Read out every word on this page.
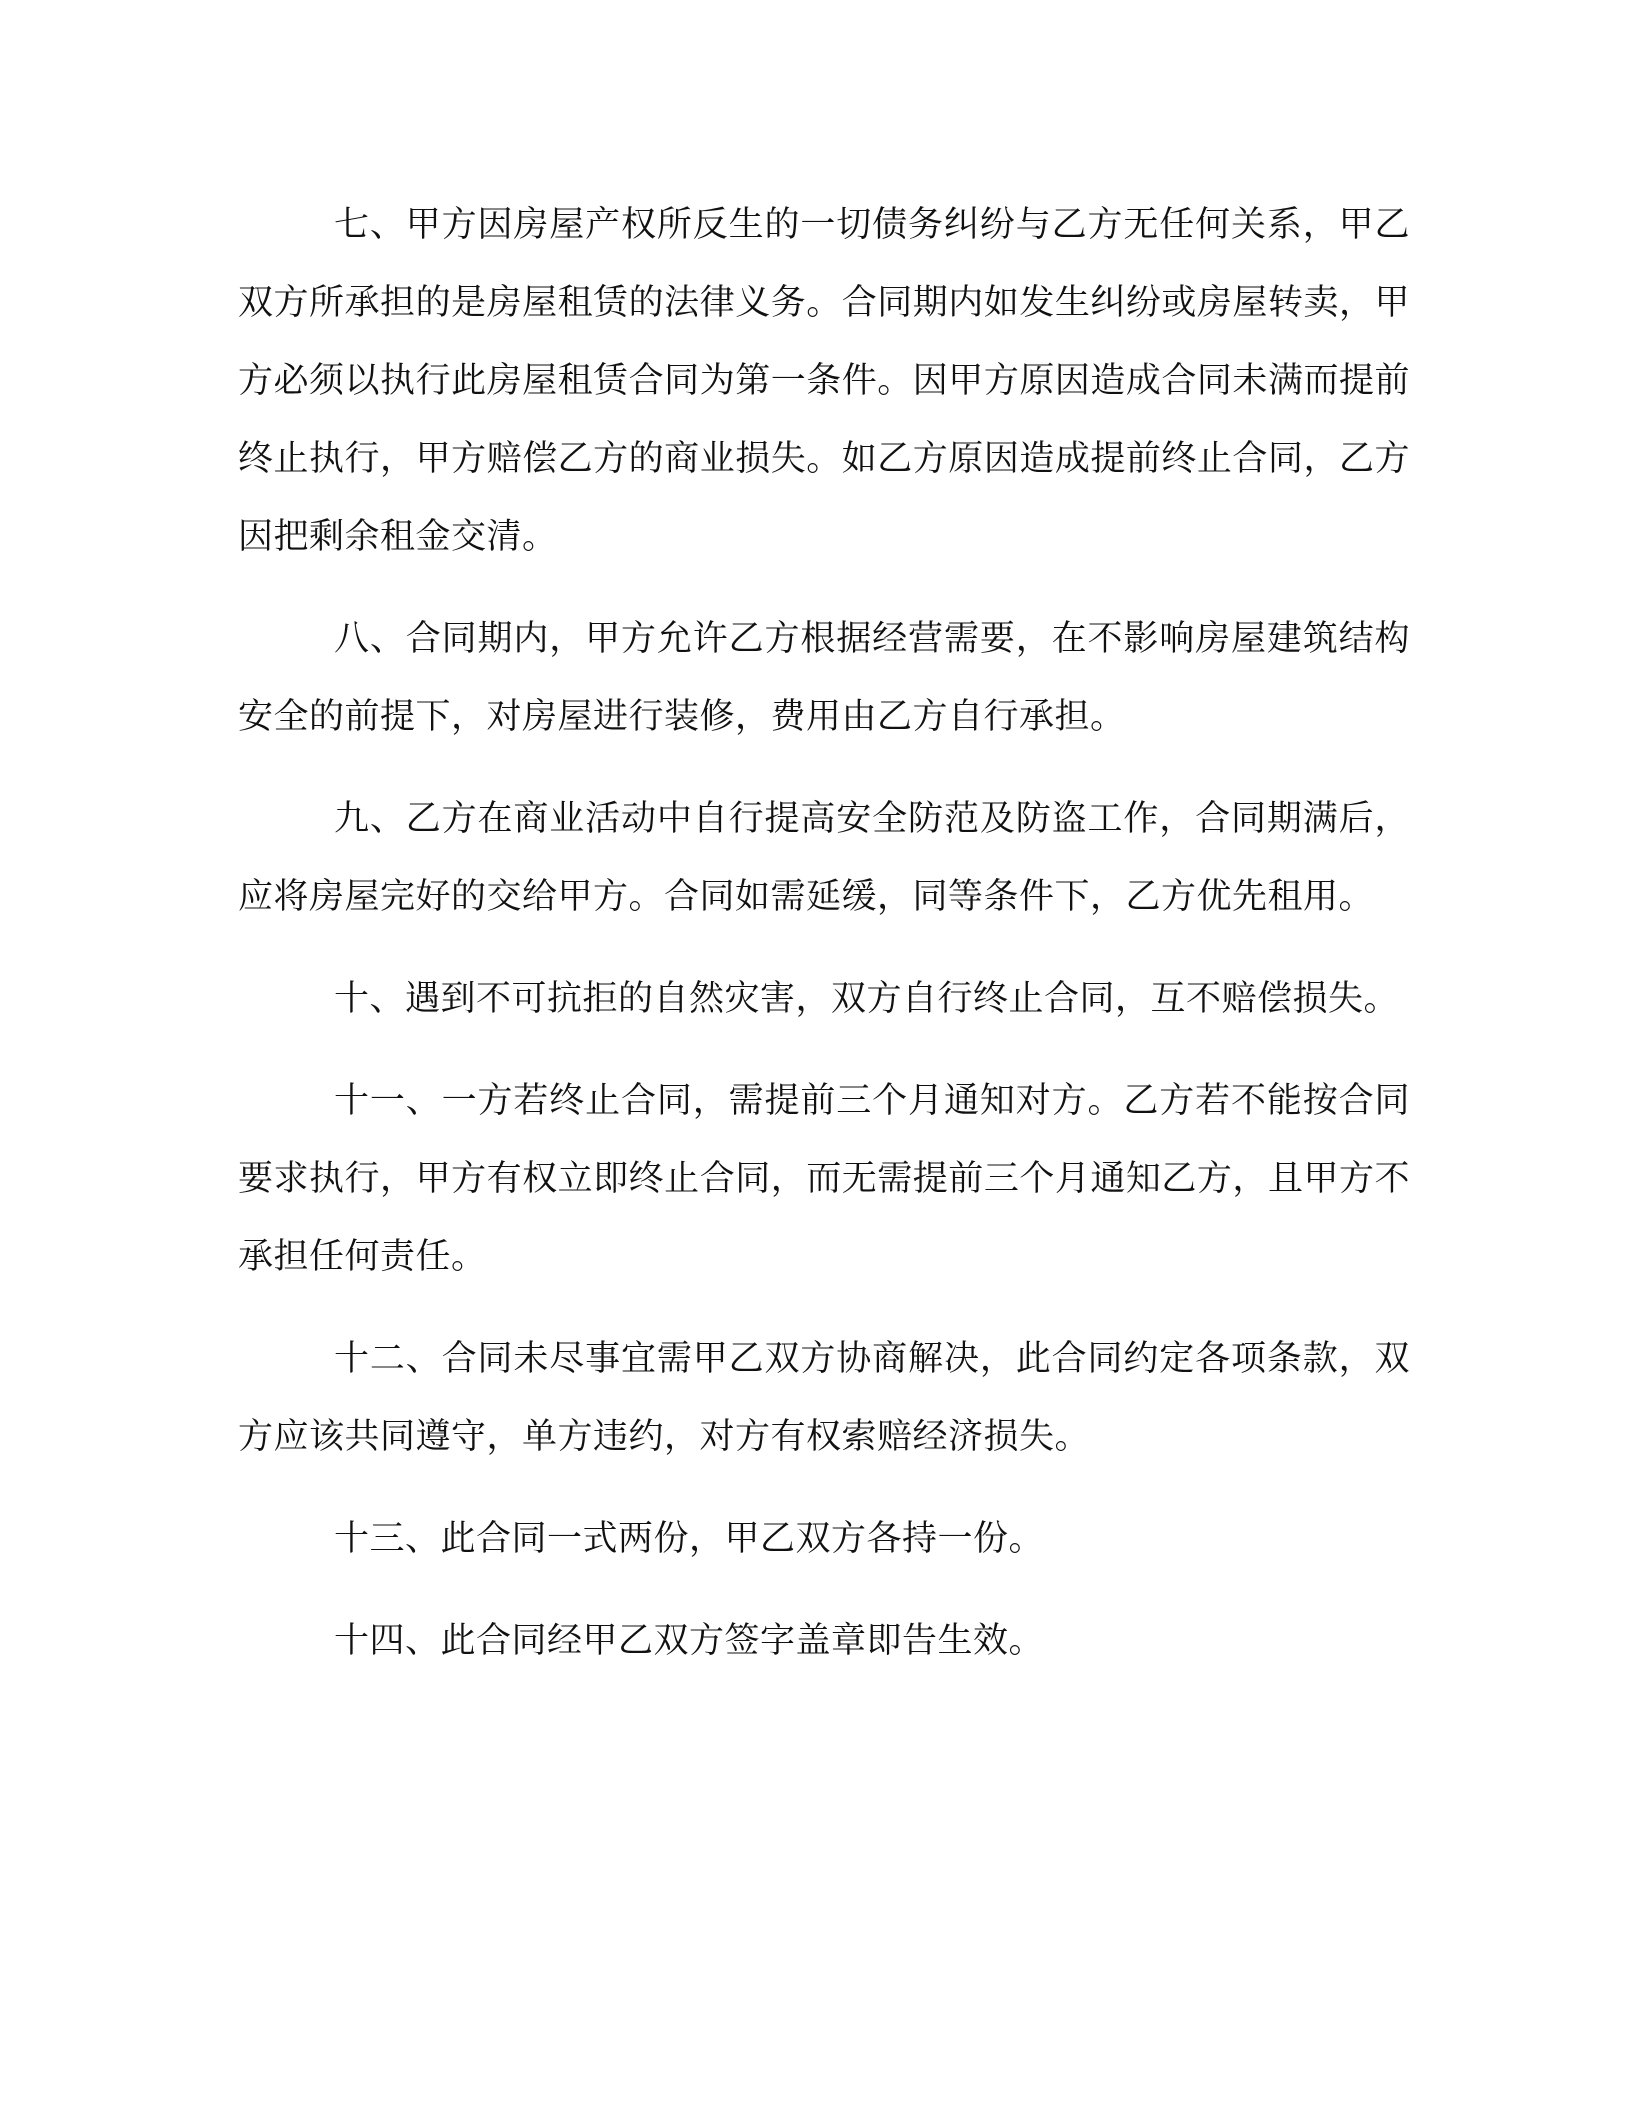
七、甲方因房屋产权所反生的一切债务纠纷与乙方无任何关系，甲乙双方所承担的是房屋租赁的法律义务。合同期内如发生纠纷或房屋转卖，甲方必须以执行此房屋租赁合同为第一条件。因甲方原因造成合同未满而提前终止执行，甲方赔偿乙方的商业损失。如乙方原因造成提前终止合同，乙方因把剩余租金交清。

八、合同期内，甲方允许乙方根据经营需要，在不影响房屋建筑结构安全的前提下，对房屋进行装修，费用由乙方自行承担。

九、乙方在商业活动中自行提高安全防范及防盗工作，合同期满后，应将房屋完好的交给甲方。合同如需延缓，同等条件下，乙方优先租用。

十、遇到不可抗拒的自然灾害，双方自行终止合同，互不赔偿损失。

十一、一方若终止合同，需提前三个月通知对方。乙方若不能按合同要求执行，甲方有权立即终止合同，而无需提前三个月通知乙方，且甲方不承担任何责任。

十二、合同未尽事宜需甲乙双方协商解决，此合同约定各项条款，双方应该共同遵守，单方违约，对方有权索赔经济损失。

十三、此合同一式两份，甲乙双方各持一份。

十四、此合同经甲乙双方签字盖章即告生效。
